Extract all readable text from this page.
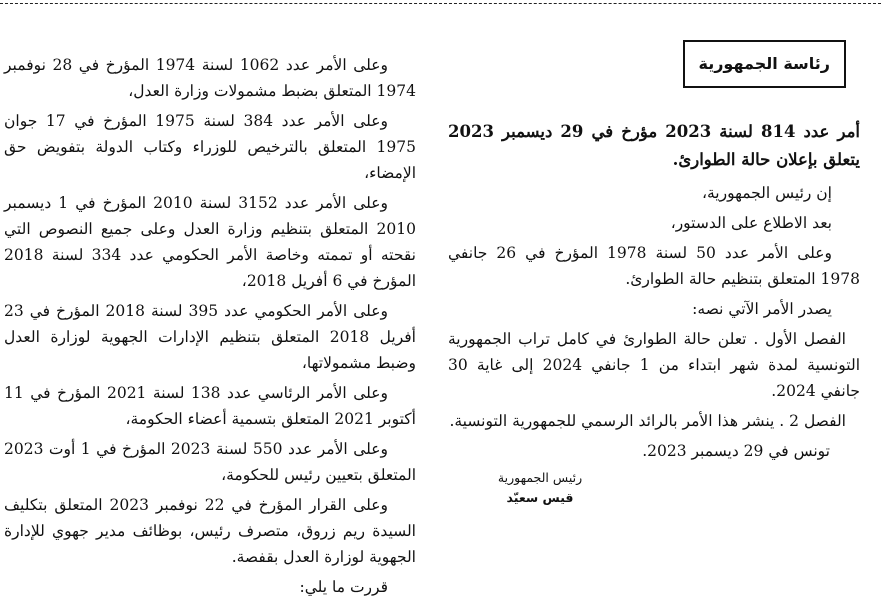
رئاسة الجمهورية

أمر عدد 814 لسنة 2023 مؤرخ في 29 ديسمبر 2023 يتعلق بإعلان حالة الطوارئ.

إن رئيس الجمهورية،

بعد الاطلاع على الدستور،

وعلى الأمر عدد 50 لسنة 1978 المؤرخ في 26 جانفي 1978 المتعلق بتنظيم حالة الطوارئ.

يصدر الأمر الآتي نصه:

الفصل الأول . تعلن حالة الطوارئ في كامل تراب الجمهورية التونسية لمدة شهر ابتداء من 1 جانفي 2024 إلى غاية 30 جانفي 2024.

الفصل 2 . ينشر هذا الأمر بالرائد الرسمي للجمهورية التونسية.

تونس في 29 ديسمبر 2023.

رئيس الجمهورية
قيس سعيّد

وعلى الأمر عدد 1062 لسنة 1974 المؤرخ في 28 نوفمبر 1974 المتعلق بضبط مشمولات وزارة العدل،

وعلى الأمر عدد 384 لسنة 1975 المؤرخ في 17 جوان 1975 المتعلق بالترخيص للوزراء وكتاب الدولة بتفويض حق الإمضاء،

وعلى الأمر عدد 3152 لسنة 2010 المؤرخ في 1 ديسمبر 2010 المتعلق بتنظيم وزارة العدل وعلى جميع النصوص التي نقحته أو تممته وخاصة الأمر الحكومي عدد 334 لسنة 2018 المؤرخ في 6 أفريل 2018،

وعلى الأمر الحكومي عدد 395 لسنة 2018 المؤرخ في 23 أفريل 2018 المتعلق بتنظيم الإدارات الجهوية لوزارة العدل وضبط مشمولاتها،

وعلى الأمر الرئاسي عدد 138 لسنة 2021 المؤرخ في 11 أكتوبر 2021 المتعلق بتسمية أعضاء الحكومة،

وعلى الأمر عدد 550 لسنة 2023 المؤرخ في 1 أوت 2023 المتعلق بتعيين رئيس للحكومة،

وعلى القرار المؤرخ في 22 نوفمبر 2023 المتعلق بتكليف السيدة ريم زروق، متصرف رئيس، بوظائف مدير جهوي للإدارة الجهوية لوزارة العدل بقفصة.

قررت ما يلي:
